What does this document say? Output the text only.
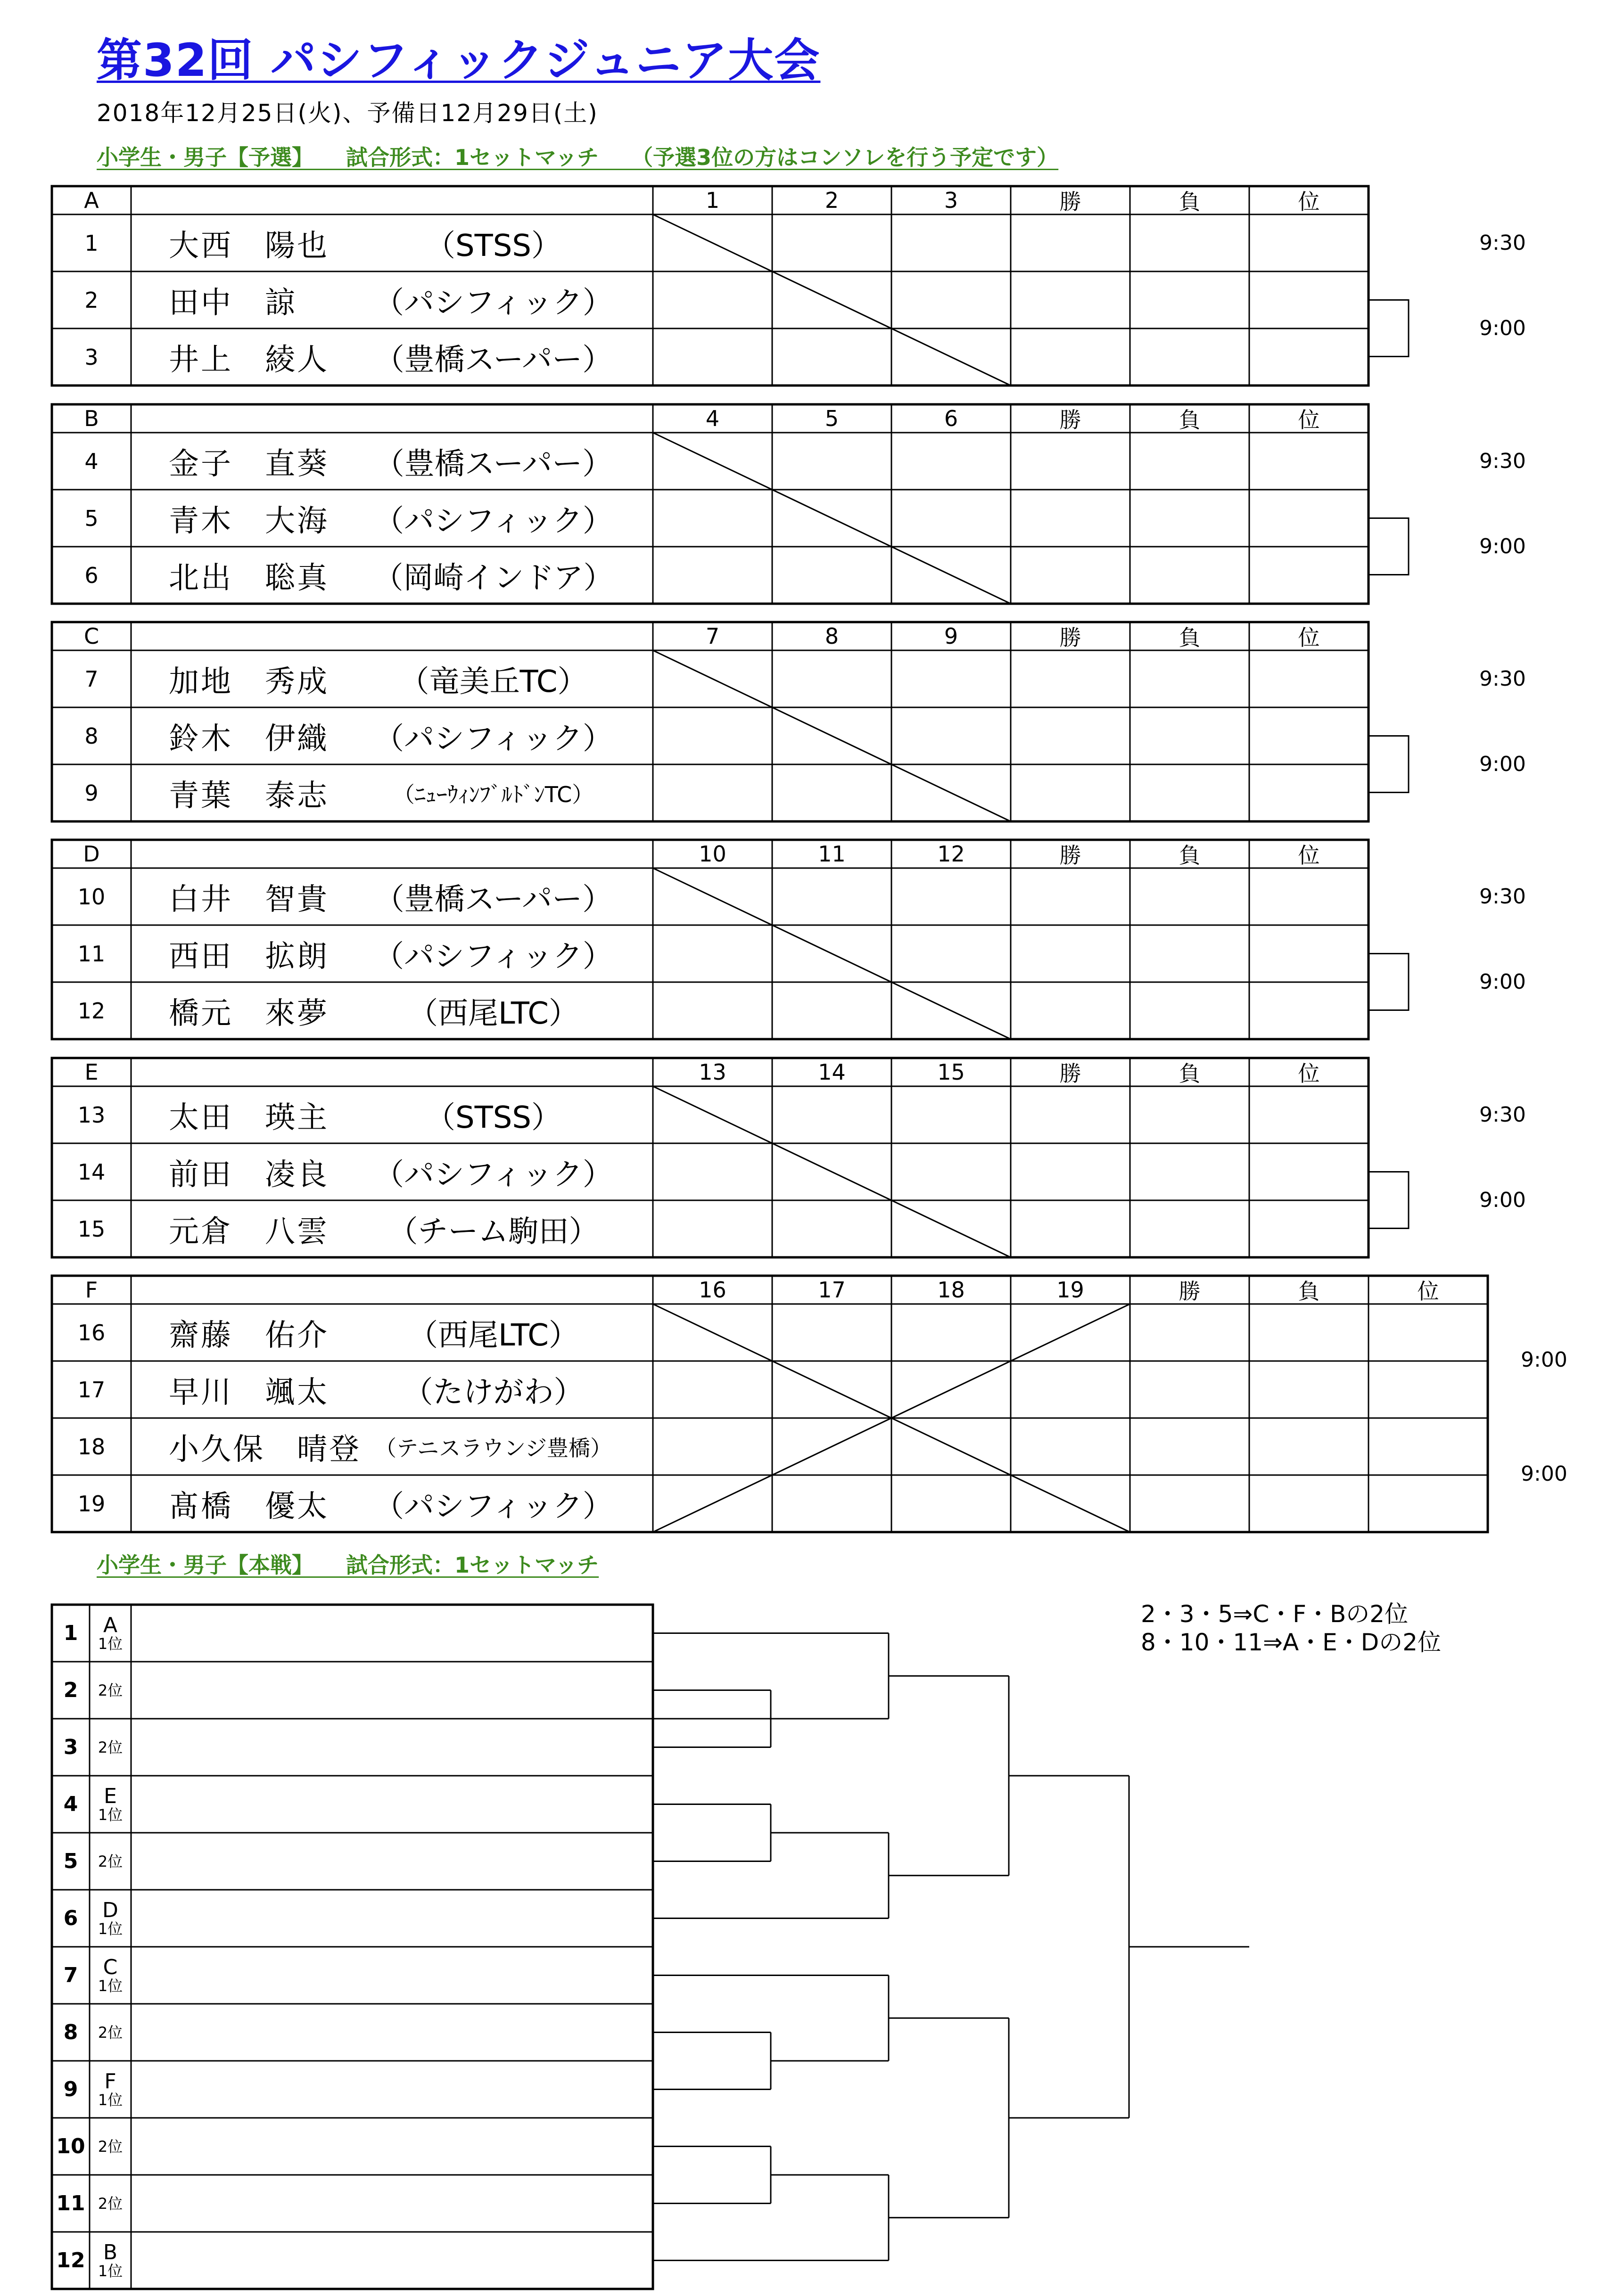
第32回 パシフィックジュニア大会
2018年12月25日(火)、予備日12月29日(土)
小学生・男子【予選】　　試合形式：1セットマッチ　　（予選3位の方はコンソレを行う予定です）
A	1	2	3	勝	負	位
1	大西　陽也	（STSS）
2	田中　諒	（パシフィック）
3	井上　綾人	（豊橋スーパー）
B	4	5	6	勝	負	位
4	金子　直葵	（豊橋スーパー）
5	青木　大海	（パシフィック）
6	北出　聡真	（岡崎インドア）
C	7	8	9	勝	負	位
7	加地　秀成	（竜美丘TC）
8	鈴木　伊織	（パシフィック）
9	青葉　泰志	（ﾆｭｰｳｨﾝﾌﾞﾙﾄﾞﾝTC）
D	10	11	12	勝	負	位
10	白井　智貴	（豊橋スーパー）
11	西田　拡朗	（パシフィック）
12	橋元　來夢	（西尾LTC）
E	13	14	15	勝	負	位
13	太田　瑛主	（STSS）
14	前田　凌良	（パシフィック）
15	元倉　八雲	（チーム駒田）
F	16	17	18	19	勝	負	位
16	齋藤　佑介	（西尾LTC）
17	早川　颯太	（たけがわ）
18	小久保　晴登 （テニスラウンジ豊橋）
19	髙橋　優太	（パシフィック）
小学生・男子【本戦】　　試合形式：1セットマッチ
1	A
1位
2	2位
3	2位
4	E
1位
5	2位
6	D
1位
7	C
1位
8	2位
9	F
1位
10 2位
11 2位
12 B
1位
9:30
9:00
9:30
9:00
9:30
9:00
9:30
9:00
9:30
9:00
9:00
9:00
2・3・5⇒C・F・Bの2位
8・10・11⇒A・E・Dの2位
